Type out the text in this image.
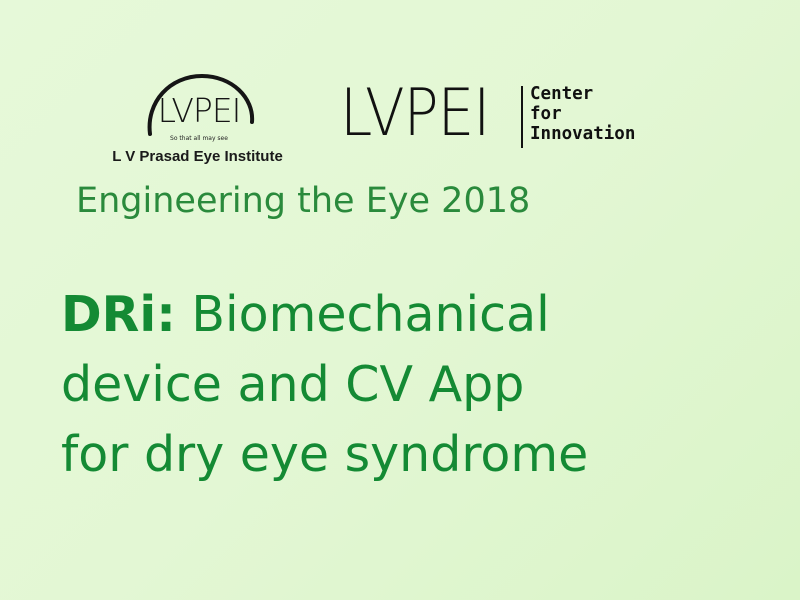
LVPEI
So that all may see
L V Prasad Eye Institute
LVPEI Center
for
Innovation
Engineering the Eye 2018
DRi: Biomechanical
device and CV App
for dry eye syndrome
